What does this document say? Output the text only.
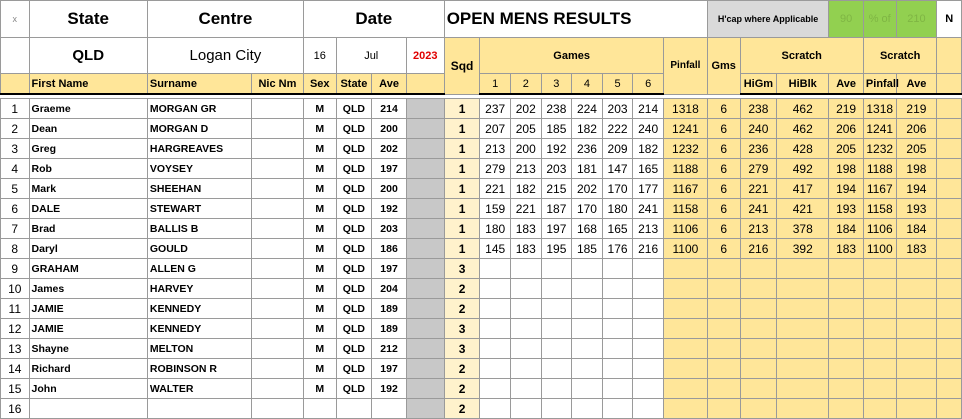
x	State	Centre		Date				OPEN MENS RESULTS								H'cap where Applicable			90	% of	210	N
	QLD	Logan City		16	Jul		2023	Sqd	Games						Pinfall	Gms	Scratch			Scratch		
	First Name	Surname	Nic Nm	Sex	State	Ave			1	2	3	4	5	6			HiGm	HiBlk	Ave	Pinfall	Ave	

1	Graeme	MORGAN GR		M	QLD	214		1	237	202	238	224	203	214	1318	6	238	462	219	1318	219	
2	Dean	MORGAN D		M	QLD	200		1	207	205	185	182	222	240	1241	6	240	462	206	1241	206	
3	Greg	HARGREAVES		M	QLD	202		1	213	200	192	236	209	182	1232	6	236	428	205	1232	205	
4	Rob	VOYSEY		M	QLD	197		1	279	213	203	181	147	165	1188	6	279	492	198	1188	198	
5	Mark	SHEEHAN		M	QLD	200		1	221	182	215	202	170	177	1167	6	221	417	194	1167	194	
6	DALE	STEWART		M	QLD	192		1	159	221	187	170	180	241	1158	6	241	421	193	1158	193	
7	Brad	BALLIS B		M	QLD	203		1	180	183	197	168	165	213	1106	6	213	378	184	1106	184	
8	Daryl	GOULD		M	QLD	186		1	145	183	195	185	176	216	1100	6	216	392	183	1100	183	
9	GRAHAM	ALLEN G		M	QLD	197		3														
10	James	HARVEY		M	QLD	204		2														
11	JAMIE	KENNEDY		M	QLD	189		2														
12	JAMIE	KENNEDY		M	QLD	189		3														
13	Shayne	MELTON		M	QLD	212		3														
14	Richard	ROBINSON R		M	QLD	197		2														
15	John	WALTER		M	QLD	192		2														
16								2														
